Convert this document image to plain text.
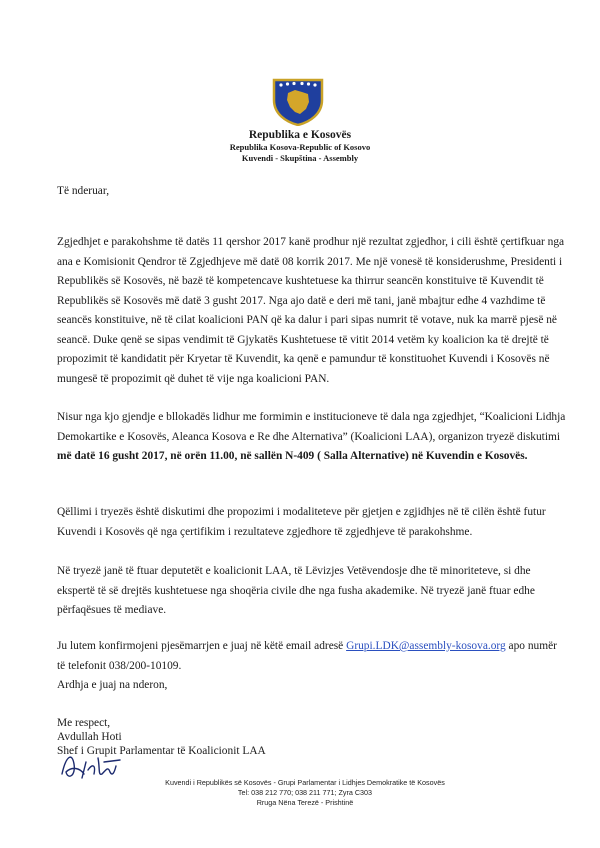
Republika e Kosovës
Republika Kosova-Republic of Kosovo
Kuvendi - Skupština - Assembly
Të nderuar,

Zgjedhjet e parakohshme të datës 11 qershor 2017 kanë prodhur një rezultat zgjedhor, i cili është çertifkuar nga ana e Komisionit Qendror të Zgjedhjeve më datë 08 korrik 2017. Me një vonesë të konsiderushme, Presidenti i Republikës së Kosovës, në bazë të kompetencave kushtetuese ka thirrur seancën konstituive të Kuvendit të Republikës së Kosovës më datë 3 gusht 2017. Nga ajo datë e deri më tani, janë mbajtur edhe 4 vazhdime të seancës konstituive, në të cilat koalicioni PAN që ka dalur i pari sipas numrit të votave, nuk ka marrë pjesë në seancë. Duke qenë se sipas vendimit të Gjykatës Kushtetuese të vitit 2014 vetëm ky koalicion ka të drejtë të propozimit të kandidatit për Kryetar të Kuvendit, ka qenë e pamundur të konstituohet Kuvendi i Kosovës në mungesë të propozimit që duhet të vije nga koalicioni PAN.

Nisur nga kjo gjendje e bllokadës lidhur me formimin e institucioneve të dala nga zgjedhjet, “Koalicioni Lidhja Demokartike e Kosovës, Aleanca Kosova e Re dhe Alternativa” (Koalicioni LAA), organizon tryezë diskutimi më datë 16 gusht 2017, në orën 11.00, në sallën N-409 ( Salla Alternative) në Kuvendin e Kosovës.

Qëllimi i tryezës është diskutimi dhe propozimi i modaliteteve për gjetjen e zgjidhjes në të cilën është futur Kuvendi i Kosovës që nga çertifikim i rezultateve zgjedhore të zgjedhjeve të parakohshme.

Në tryezë janë të ftuar deputetët e koalicionit LAA, të Lëvizjes Vetëvendosje dhe të minoriteteve, si dhe ekspertë të së drejtës kushtetuese nga shoqëria civile dhe nga fusha akademike. Në tryezë janë ftuar edhe përfaqësues të mediave.

Ju lutem konfirmojeni pjesëmarrjen e juaj në këtë email adresë Grupi.LDK@assembly-kosova.org apo numër të telefonit 038/200-10109.

Ardhja e juaj na nderon,

Me respect,
Avdullah Hoti
Shef i Grupit Parlamentar të Koalicionit LAA
Kuvendi i Republikës së Kosovës - Grupi Parlamentar i Lidhjes Demokratike të Kosovës
Tel: 038 212 770; 038 211 771; Zyra C303
Rruga Nëna Terezë - Prishtinë
